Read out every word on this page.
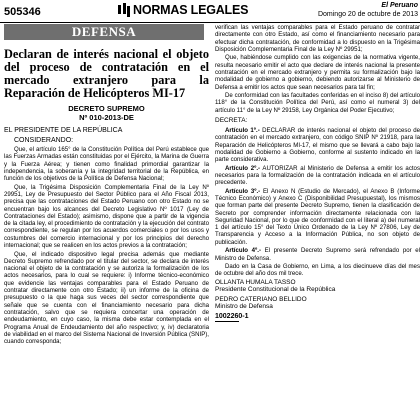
505346	NORMAS LEGALES	El Peruano
Domingo 20 de octubre de 2013
DEFENSA
Declaran de interés nacional el objeto del proceso de contratación en el mercado extranjero para la Reparación de Helicópteros MI-17
DECRETO SUPREMO
Nº 010-2013-DE
EL PRESIDENTE DE LA REPÚBLICA
CONSIDERANDO:

Que, el artículo 165° de la Constitución Política del Perú establece que las Fuerzas Armadas están constituidas por el Ejército, la Marina de Guerra y la Fuerza Aérea; y tienen como finalidad primordial garantizar la independencia, la soberanía y la integridad territorial de la República, en función de los objetivos de la Política de Defensa Nacional;

Que, la Trigésima Disposición Complementaria Final de la Ley Nº 29951, Ley de Presupuesto del Sector Público para el Año Fiscal 2013, precisa que las contrataciones del Estado Peruano con otro Estado no se encuentran bajo los alcances del Decreto Legislativo Nº 1017 (Ley de Contrataciones del Estado); asimismo, dispone que a partir de la vigencia de la citada ley, el procedimiento de contratación y la ejecución del contrato correspondiente, se regulan por los acuerdos comerciales o por los usos y costumbres del comercio internacional y por los principios del derecho internacional; que se realicen en los actos previos a la contratación;

Que, el indicado dispositivo legal precisa además que mediante Decreto Supremo refrendado por el titular del sector, se declara de interés nacional el objeto de la contratación y se autoriza la formalización de los actos necesarios, para lo cual se requiere: i) Informe técnico-económico que evidencie las ventajas comparables para el Estado Peruano de contratar directamente con otro Estado; ii) un informe de la oficina de presupuesto o la que haga sus veces del sector correspondiente que señale que se cuenta con el financiamiento necesario para dicha contratación, salvo que se requiera concertar una operación de endeudamiento, en cuyo caso, la misma debe estar contemplada en el Programa Anual de Endeudamiento del año respectivo; y, iv) declaratoria de viabilidad en el marco del Sistema Nacional de Inversión Pública (SNIP), cuando corresponda;

verifican las ventajas comparables para el Estado peruano de contratar directamente con otro Estado, así como el financiamiento necesario para efectuar dicha contratación, de conformidad a lo dispuesto en la Trigésima Disposición Complementaria Final de la Ley Nº 29951;

Que, habiéndose cumplido con las exigencias de la normativa vigente, resulta necesario emitir el acto que declare de interés nacional la presente contratación en el mercado extranjero y permita su formalización bajo la modalidad de gobierno a gobierno, debiendo autorizarse al Ministerio de Defensa a emitir los actos que sean necesarios para tal fin;

De conformidad con las facultades conferidas en el inciso 8) del artículo 118° de la Constitución Política del Perú, así como el numeral 3) del artículo 11° de la Ley Nº 29158, Ley Orgánica del Poder Ejecutivo;

DECRETA:

Artículo 1º.- DECLARAR de interés nacional el objeto del proceso de contratación en el mercado extranjero, con código SNIP Nº 21918, para la Reparación de Helicópteros MI-17, el mismo que se llevará a cabo bajo la modalidad de Gobierno a Gobierno, conforme al sustento indicado en la parte considerativa.

Artículo 2º.- AUTORIZAR al Ministerio de Defensa a emitir los actos necesarios para la formalización de la contratación indicada en el artículo precedente.

Artículo 3º.- El Anexo N (Estudio de Mercado), el Anexo B (Informe Técnico Económico) y Anexo C (Disponibilidad Presupuestal), los mismos que forman parte del presente Decreto Supremo, tienen la clasificación de Secreto por comprender información directamente relacionada con la Seguridad Nacional, por lo que de conformidad con el literal a) del numeral 1 del artículo 15° del Texto Único Ordenado de la Ley Nº 27806, Ley de Transparencia y Acceso a la Información Pública, no son objeto de publicación.

Artículo 4º.- El presente Decreto Supremo será refrendado por el Ministro de Defensa.

Dado en la Casa de Gobierno, en Lima, a los diecinueve días del mes de octubre del año dos mil trece.

OLLANTA HUMALA TASSO
Presidente Constitucional de la República
PEDRO CATERIANO BELLIDO
Ministro de Defensa
1002260-1
